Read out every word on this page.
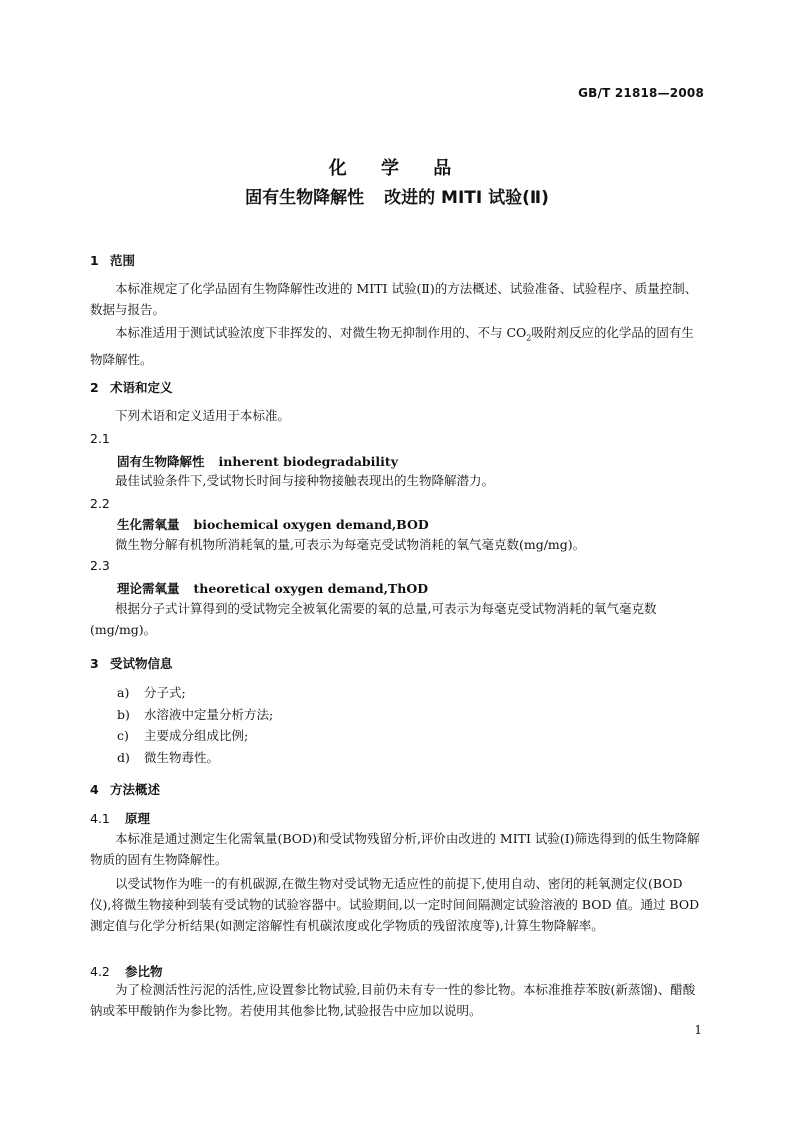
GB/T 21818—2008
化 学 品
固有生物降解性 改进的 MITI 试验(Ⅱ)
1 范围
本标准规定了化学品固有生物降解性改进的 MITI 试验(Ⅱ)的方法概述、试验准备、试验程序、质量控制、数据与报告。
本标准适用于测试试验浓度下非挥发的、对微生物无抑制作用的、不与 $CO_2$吸附剂反应的化学品的固有生物降解性。
2 术语和定义
下列术语和定义适用于本标准。
2.1
固有生物降解性 inherent biodegradability
最佳试验条件下,受试物长时间与接种物接触表现出的生物降解潜力。
2.2
生化需氧量 biochemical oxygen demand,BOD
微生物分解有机物所消耗氧的量,可表示为每毫克受试物消耗的氧气毫克数(mg/mg)。
2.3
理论需氧量 theoretical oxygen demand,ThOD
根据分子式计算得到的受试物完全被氧化需要的氧的总量,可表示为每毫克受试物消耗的氧气毫克数(mg/mg)。
3 受试物信息
a) 分子式;
b) 水溶液中定量分析方法;
c) 主要成分组成比例;
d) 微生物毒性。
4 方法概述
4.1 原理
本标准是通过测定生化需氧量(BOD)和受试物残留分析,评价由改进的 MITI 试验(Ⅰ)筛选得到的低生物降解物质的固有生物降解性。
以受试物作为唯一的有机碳源,在微生物对受试物无适应性的前提下,使用自动、密闭的耗氧测定仪(BOD 仪),将微生物接种到装有受试物的试验容器中。试验期间,以一定时间间隔测定试验溶液的 BOD 值。通过 BOD 测定值与化学分析结果(如测定溶解性有机碳浓度或化学物质的残留浓度等),计算生物降解率。
4.2 参比物
为了检测活性污泥的活性,应设置参比物试验,目前仍未有专一性的参比物。本标准推荐苯胺(新蒸馏)、醋酸钠或苯甲酸钠作为参比物。若使用其他参比物,试验报告中应加以说明。
1
